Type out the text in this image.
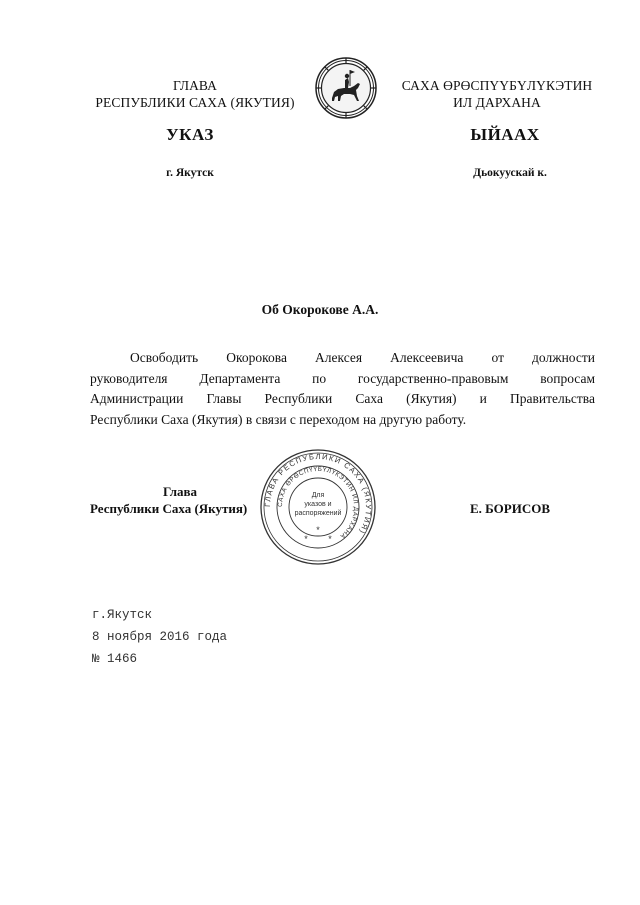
ГЛАВА
РЕСПУБЛИКИ САХА (ЯКУТИЯ)
САХА ӨРӨСПҮҮБҮЛҮКЭТИН
ИЛ ДАРХАНА
УКАЗ	ЫЙААХ
г. Якутск	Дьокуускай к.
Об Окорокове А.А.
Освободить Окорокова Алексея Алексеевича от должности
руководителя Департамента по государственно-правовым вопросам
Администрации Главы Республики Саха (Якутия) и Правительства
Республики Саха (Якутия) в связи с переходом на другую работу.
Глава
Республики Саха (Якутия)	Е. БОРИСОВ
ГЛАВА РЕСПУБЛИКИ САХА (ЯКУТИЯ)
САХА ӨРӨСПҮҮБҮЛҮКЭТИН ИЛ ДАРХАНА
Для
указов и
распоряжений
*
* *
г.Якутск
8 ноября 2016 года
№ 1466
